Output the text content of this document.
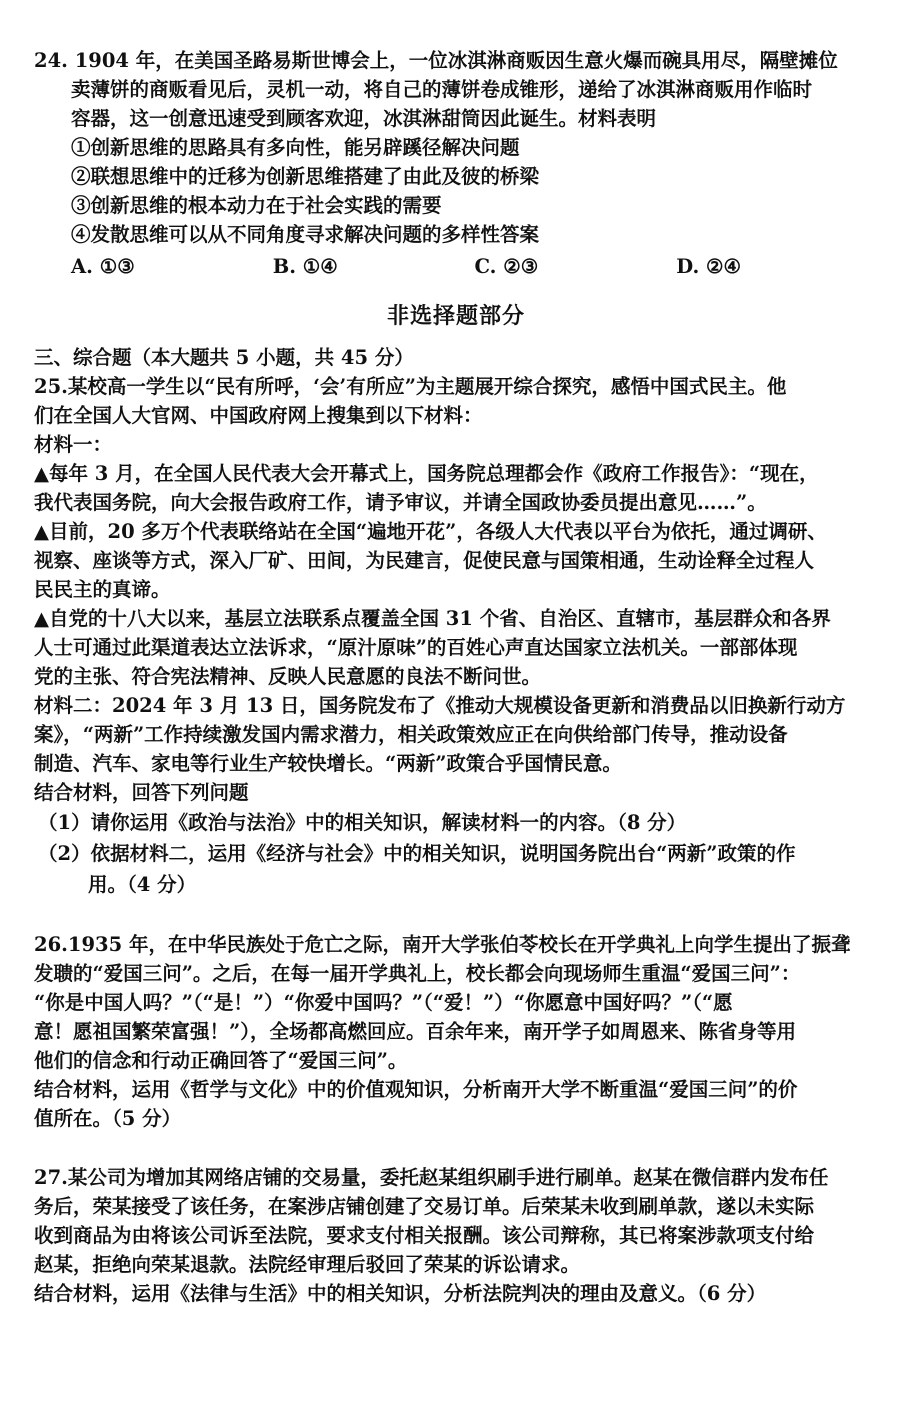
24. 1904 年，在美国圣路易斯世博会上，一位冰淇淋商贩因生意火爆而碗具用尽，隔壁摊位

卖薄饼的商贩看见后，灵机一动，将自己的薄饼卷成锥形，递给了冰淇淋商贩用作临时

容器，这一创意迅速受到顾客欢迎，冰淇淋甜筒因此诞生。材料表明

①创新思维的思路具有多向性，能另辟蹊径解决问题

②联想思维中的迁移为创新思维搭建了由此及彼的桥梁

③创新思维的根本动力在于社会实践的需要

④发散思维可以从不同角度寻求解决问题的多样性答案

A. ①③	B. ①④	C. ②③	D. ②④
非选择题部分

三、综合题（本大题共 5 小题，共 45 分）

25.某校高一学生以“民有所呼，‘会’有所应”为主题展开综合探究，感悟中国式民主。他

们在全国人大官网、中国政府网上搜集到以下材料：

材料一：

▲每年 3 月，在全国人民代表大会开幕式上，国务院总理都会作《政府工作报告》：“现在，

我代表国务院，向大会报告政府工作，请予审议，并请全国政协委员提出意见……”。

▲目前，20 多万个代表联络站在全国“遍地开花”，各级人大代表以平台为依托，通过调研、

视察、座谈等方式，深入厂矿、田间，为民建言，促使民意与国策相通，生动诠释全过程人

民民主的真谛。

▲自党的十八大以来，基层立法联系点覆盖全国 31 个省、自治区、直辖市，基层群众和各界

人士可通过此渠道表达立法诉求，“原汁原味”的百姓心声直达国家立法机关。一部部体现

党的主张、符合宪法精神、反映人民意愿的良法不断问世。

材料二：2024 年 3 月 13 日，国务院发布了《推动大规模设备更新和消费品以旧换新行动方

案》，“两新”工作持续激发国内需求潜力，相关政策效应正在向供给部门传导，推动设备

制造、汽车、家电等行业生产较快增长。“两新”政策合乎国情民意。

结合材料，回答下列问题

（1）请你运用《政治与法治》中的相关知识，解读材料一的内容。（8 分）

（2）依据材料二，运用《经济与社会》中的相关知识，说明国务院出台“两新”政策的作

用。（4 分）

26.1935 年，在中华民族处于危亡之际，南开大学张伯苓校长在开学典礼上向学生提出了振聋

发聩的“爱国三问”。之后，在每一届开学典礼上，校长都会向现场师生重温“爱国三问”：

“你是中国人吗？”（“是！”）“你爱中国吗？”（“爱！”）“你愿意中国好吗？”（“愿

意！愿祖国繁荣富强！”），全场都高燃回应。百余年来，南开学子如周恩来、陈省身等用

他们的信念和行动正确回答了“爱国三问”。

结合材料，运用《哲学与文化》中的价值观知识，分析南开大学不断重温“爱国三问”的价

值所在。（5 分）

27.某公司为增加其网络店铺的交易量，委托赵某组织刷手进行刷单。赵某在微信群内发布任

务后，荣某接受了该任务，在案涉店铺创建了交易订单。后荣某未收到刷单款，遂以未实际

收到商品为由将该公司诉至法院，要求支付相关报酬。该公司辩称，其已将案涉款项支付给

赵某，拒绝向荣某退款。法院经审理后驳回了荣某的诉讼请求。

结合材料，运用《法律与生活》中的相关知识，分析法院判决的理由及意义。（6 分）
